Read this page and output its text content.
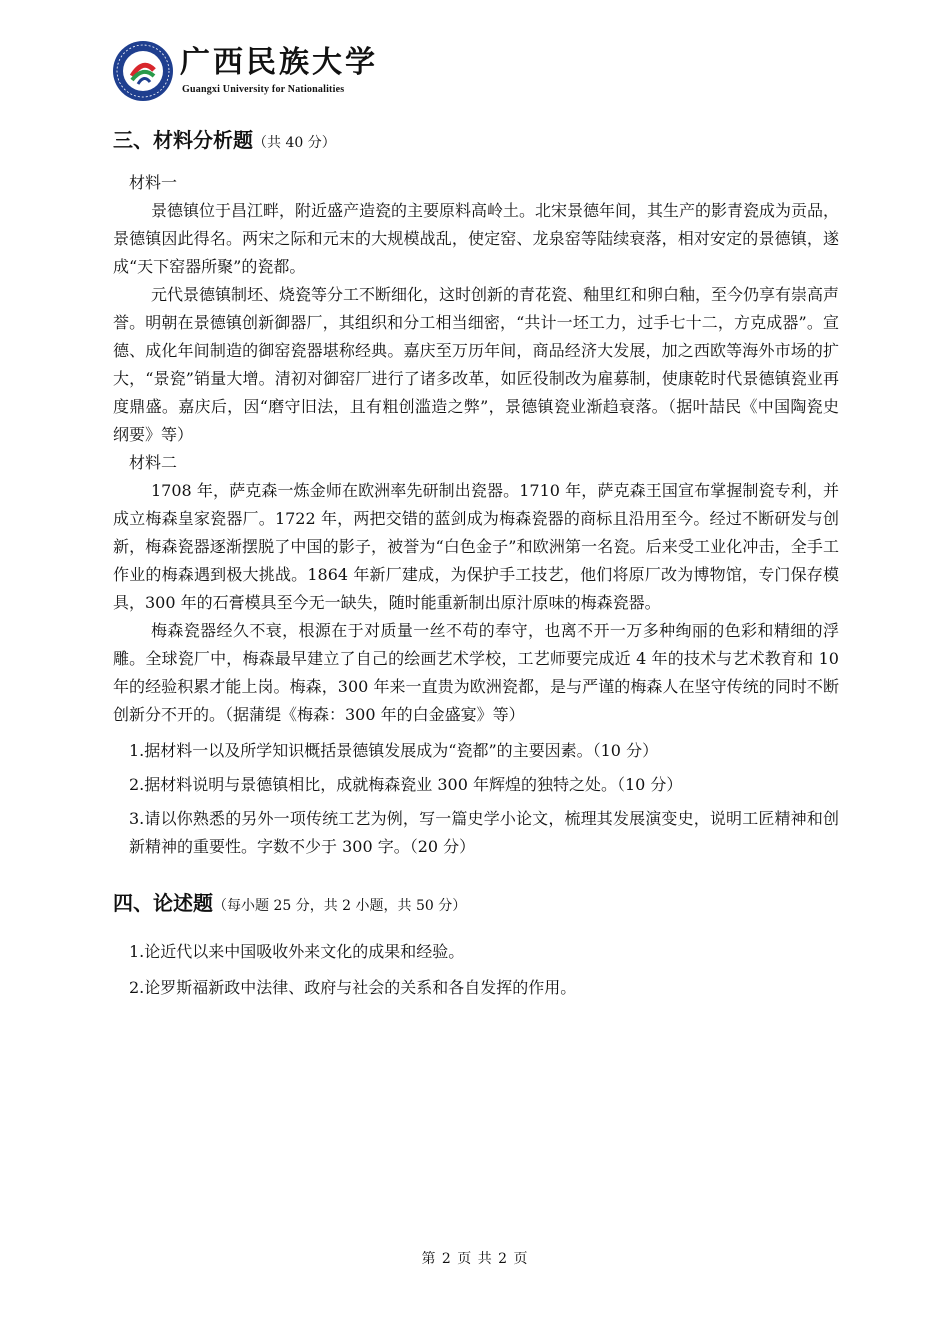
广西民族大学
Guangxi University for Nationalities
三、材料分析题（共 40 分）
材料一

景德镇位于昌江畔，附近盛产造瓷的主要原料高岭土。北宋景德年间，其生产的影青瓷成为贡品，景德镇因此得名。两宋之际和元末的大规模战乱，使定窑、龙泉窑等陆续衰落，相对安定的景德镇，遂成“天下窑器所聚”的瓷都。

元代景德镇制坯、烧瓷等分工不断细化，这时创新的青花瓷、釉里红和卵白釉，至今仍享有崇高声誉。明朝在景德镇创新御器厂，其组织和分工相当细密，“共计一坯工力，过手七十二，方克成器”。宣德、成化年间制造的御窑瓷器堪称经典。嘉庆至万历年间，商品经济大发展，加之西欧等海外市场的扩大，“景瓷”销量大增。清初对御窑厂进行了诸多改革，如匠役制改为雇募制，使康乾时代景德镇瓷业再度鼎盛。嘉庆后，因“磨守旧法，且有粗创滥造之弊”，景德镇瓷业渐趋衰落。（据叶喆民《中国陶瓷史纲要》等）

材料二

1708 年，萨克森一炼金师在欧洲率先研制出瓷器。1710 年，萨克森王国宣布掌握制瓷专利，并成立梅森皇家瓷器厂。1722 年，两把交错的蓝剑成为梅森瓷器的商标且沿用至今。经过不断研发与创新，梅森瓷器逐渐摆脱了中国的影子，被誉为“白色金子”和欧洲第一名瓷。后来受工业化冲击，全手工作业的梅森遇到极大挑战。1864 年新厂建成，为保护手工技艺，他们将原厂改为博物馆，专门保存模具，300 年的石膏模具至今无一缺失，随时能重新制出原汁原味的梅森瓷器。

梅森瓷器经久不衰，根源在于对质量一丝不苟的奉守，也离不开一万多种绚丽的色彩和精细的浮雕。全球瓷厂中，梅森最早建立了自己的绘画艺术学校，工艺师要完成近 4 年的技术与艺术教育和 10 年的经验积累才能上岗。梅森，300 年来一直贵为欧洲瓷都，是与严谨的梅森人在坚守传统的同时不断创新分不开的。（据蒲缇《梅森：300 年的白金盛宴》等）

1.据材料一以及所学知识概括景德镇发展成为“瓷都”的主要因素。（10 分）

2.据材料说明与景德镇相比，成就梅森瓷业 300 年辉煌的独特之处。（10 分）

3.请以你熟悉的另外一项传统工艺为例，写一篇史学小论文，梳理其发展演变史，说明工匠精神和创新精神的重要性。字数不少于 300 字。（20 分）

四、论述题（每小题 25 分，共 2 小题，共 50 分）

1.论近代以来中国吸收外来文化的成果和经验。

2.论罗斯福新政中法律、政府与社会的关系和各自发挥的作用。

第 2 页 共 2 页
